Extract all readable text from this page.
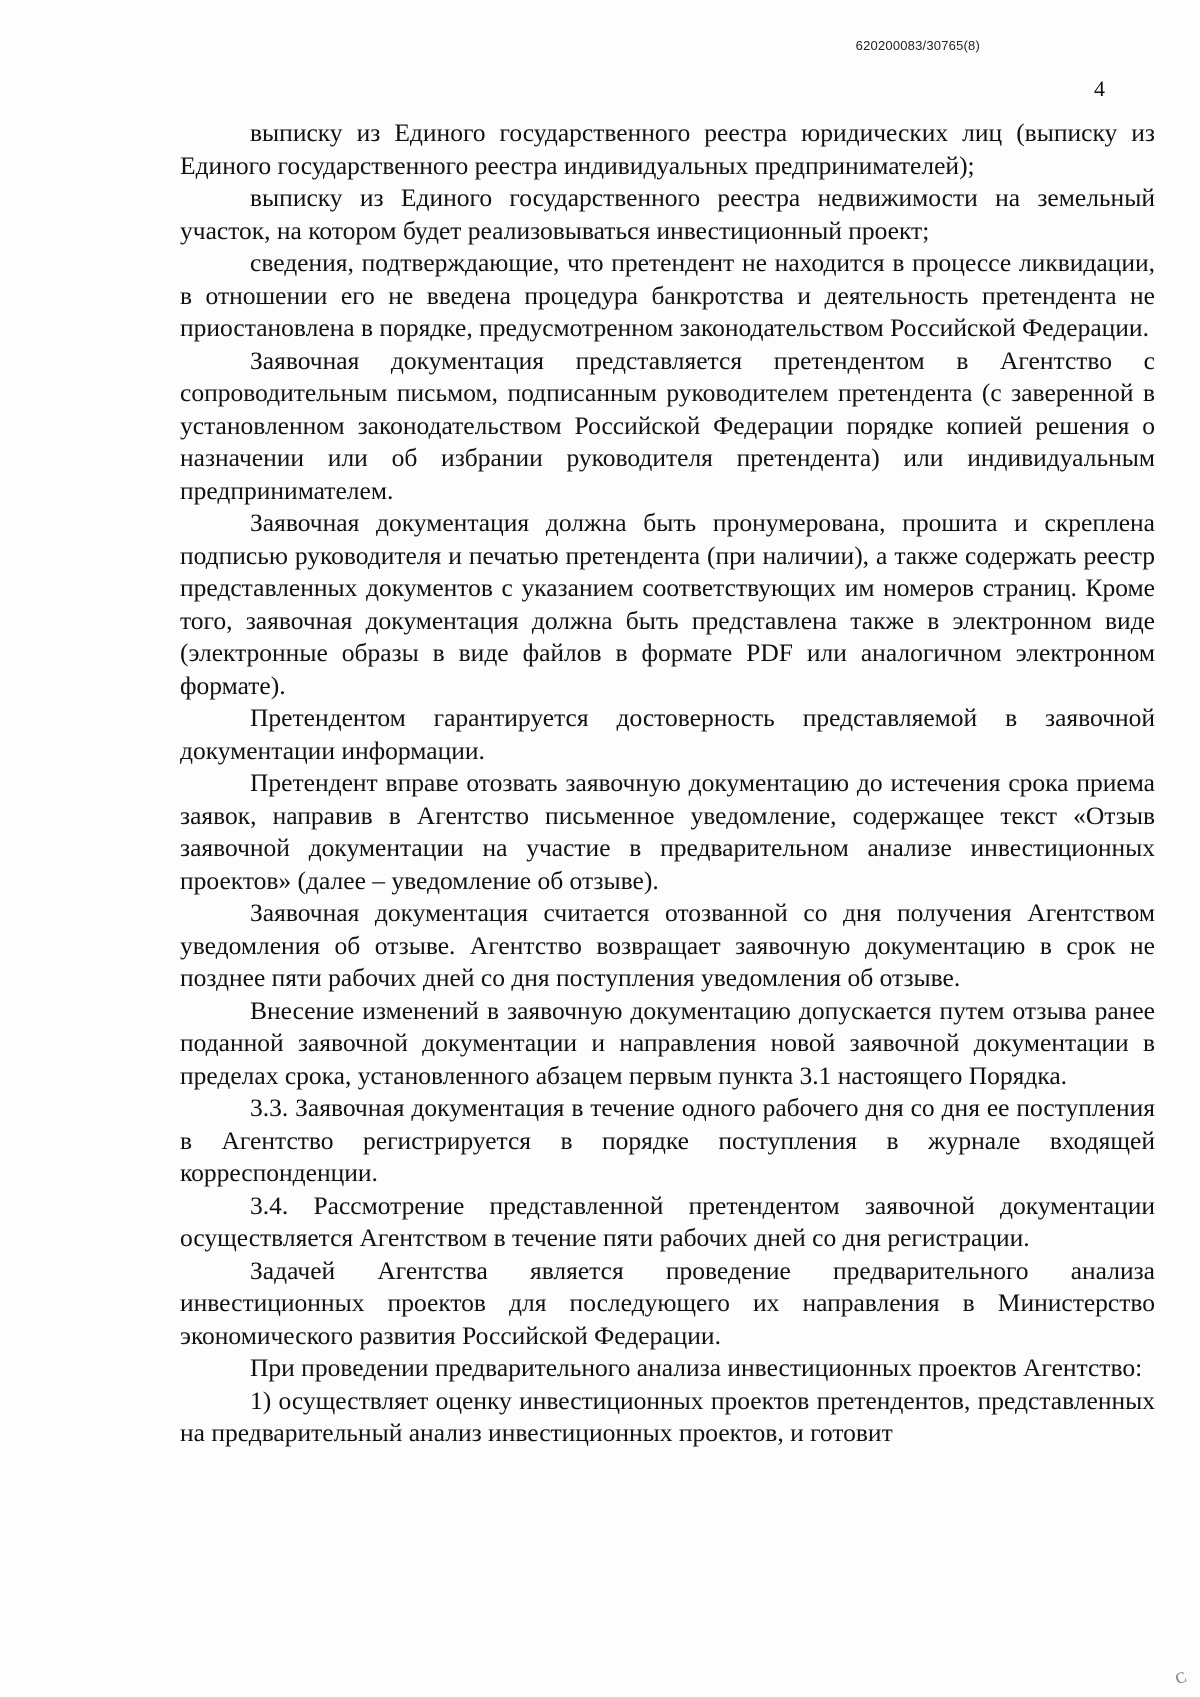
620200083/30765(8)
4

выписку из Единого государственного реестра юридических лиц (выписку из Единого государственного реестра индивидуальных предпринимателей);

выписку из Единого государственного реестра недвижимости на земельный участок, на котором будет реализовываться инвестиционный проект;

сведения, подтверждающие, что претендент не находится в процессе ликвидации, в отношении его не введена процедура банкротства и деятельность претендента не приостановлена в порядке, предусмотренном законодательством Российской Федерации.

Заявочная документация представляется претендентом в Агентство с сопроводительным письмом, подписанным руководителем претендента (с заверенной в установленном законодательством Российской Федерации порядке копией решения о назначении или об избрании руководителя претендента) или индивидуальным предпринимателем.

Заявочная документация должна быть пронумерована, прошита и скреплена подписью руководителя и печатью претендента (при наличии), а также содержать реестр представленных документов с указанием соответствующих им номеров страниц. Кроме того, заявочная документация должна быть представлена также в электронном виде (электронные образы в виде файлов в формате PDF или аналогичном электронном формате).

Претендентом гарантируется достоверность представляемой в заявочной документации информации.

Претендент вправе отозвать заявочную документацию до истечения срока приема заявок, направив в Агентство письменное уведомление, содержащее текст «Отзыв заявочной документации на участие в предварительном анализе инвестиционных проектов» (далее – уведомление об отзыве).

Заявочная документация считается отозванной со дня получения Агентством уведомления об отзыве. Агентство возвращает заявочную документацию в срок не позднее пяти рабочих дней со дня поступления уведомления об отзыве.

Внесение изменений в заявочную документацию допускается путем отзыва ранее поданной заявочной документации и направления новой заявочной документации в пределах срока, установленного абзацем первым пункта 3.1 настоящего Порядка.

3.3. Заявочная документация в течение одного рабочего дня со дня ее поступления в Агентство регистрируется в порядке поступления в журнале входящей корреспонденции.

3.4. Рассмотрение представленной претендентом заявочной документации осуществляется Агентством в течение пяти рабочих дней со дня регистрации.

Задачей Агентства является проведение предварительного анализа инвестиционных проектов для последующего их направления в Министерство экономического развития Российской Федерации.

При проведении предварительного анализа инвестиционных проектов Агентство:

1) осуществляет оценку инвестиционных проектов претендентов, представленных на предварительный анализ инвестиционных проектов, и готовит

ᴄ
